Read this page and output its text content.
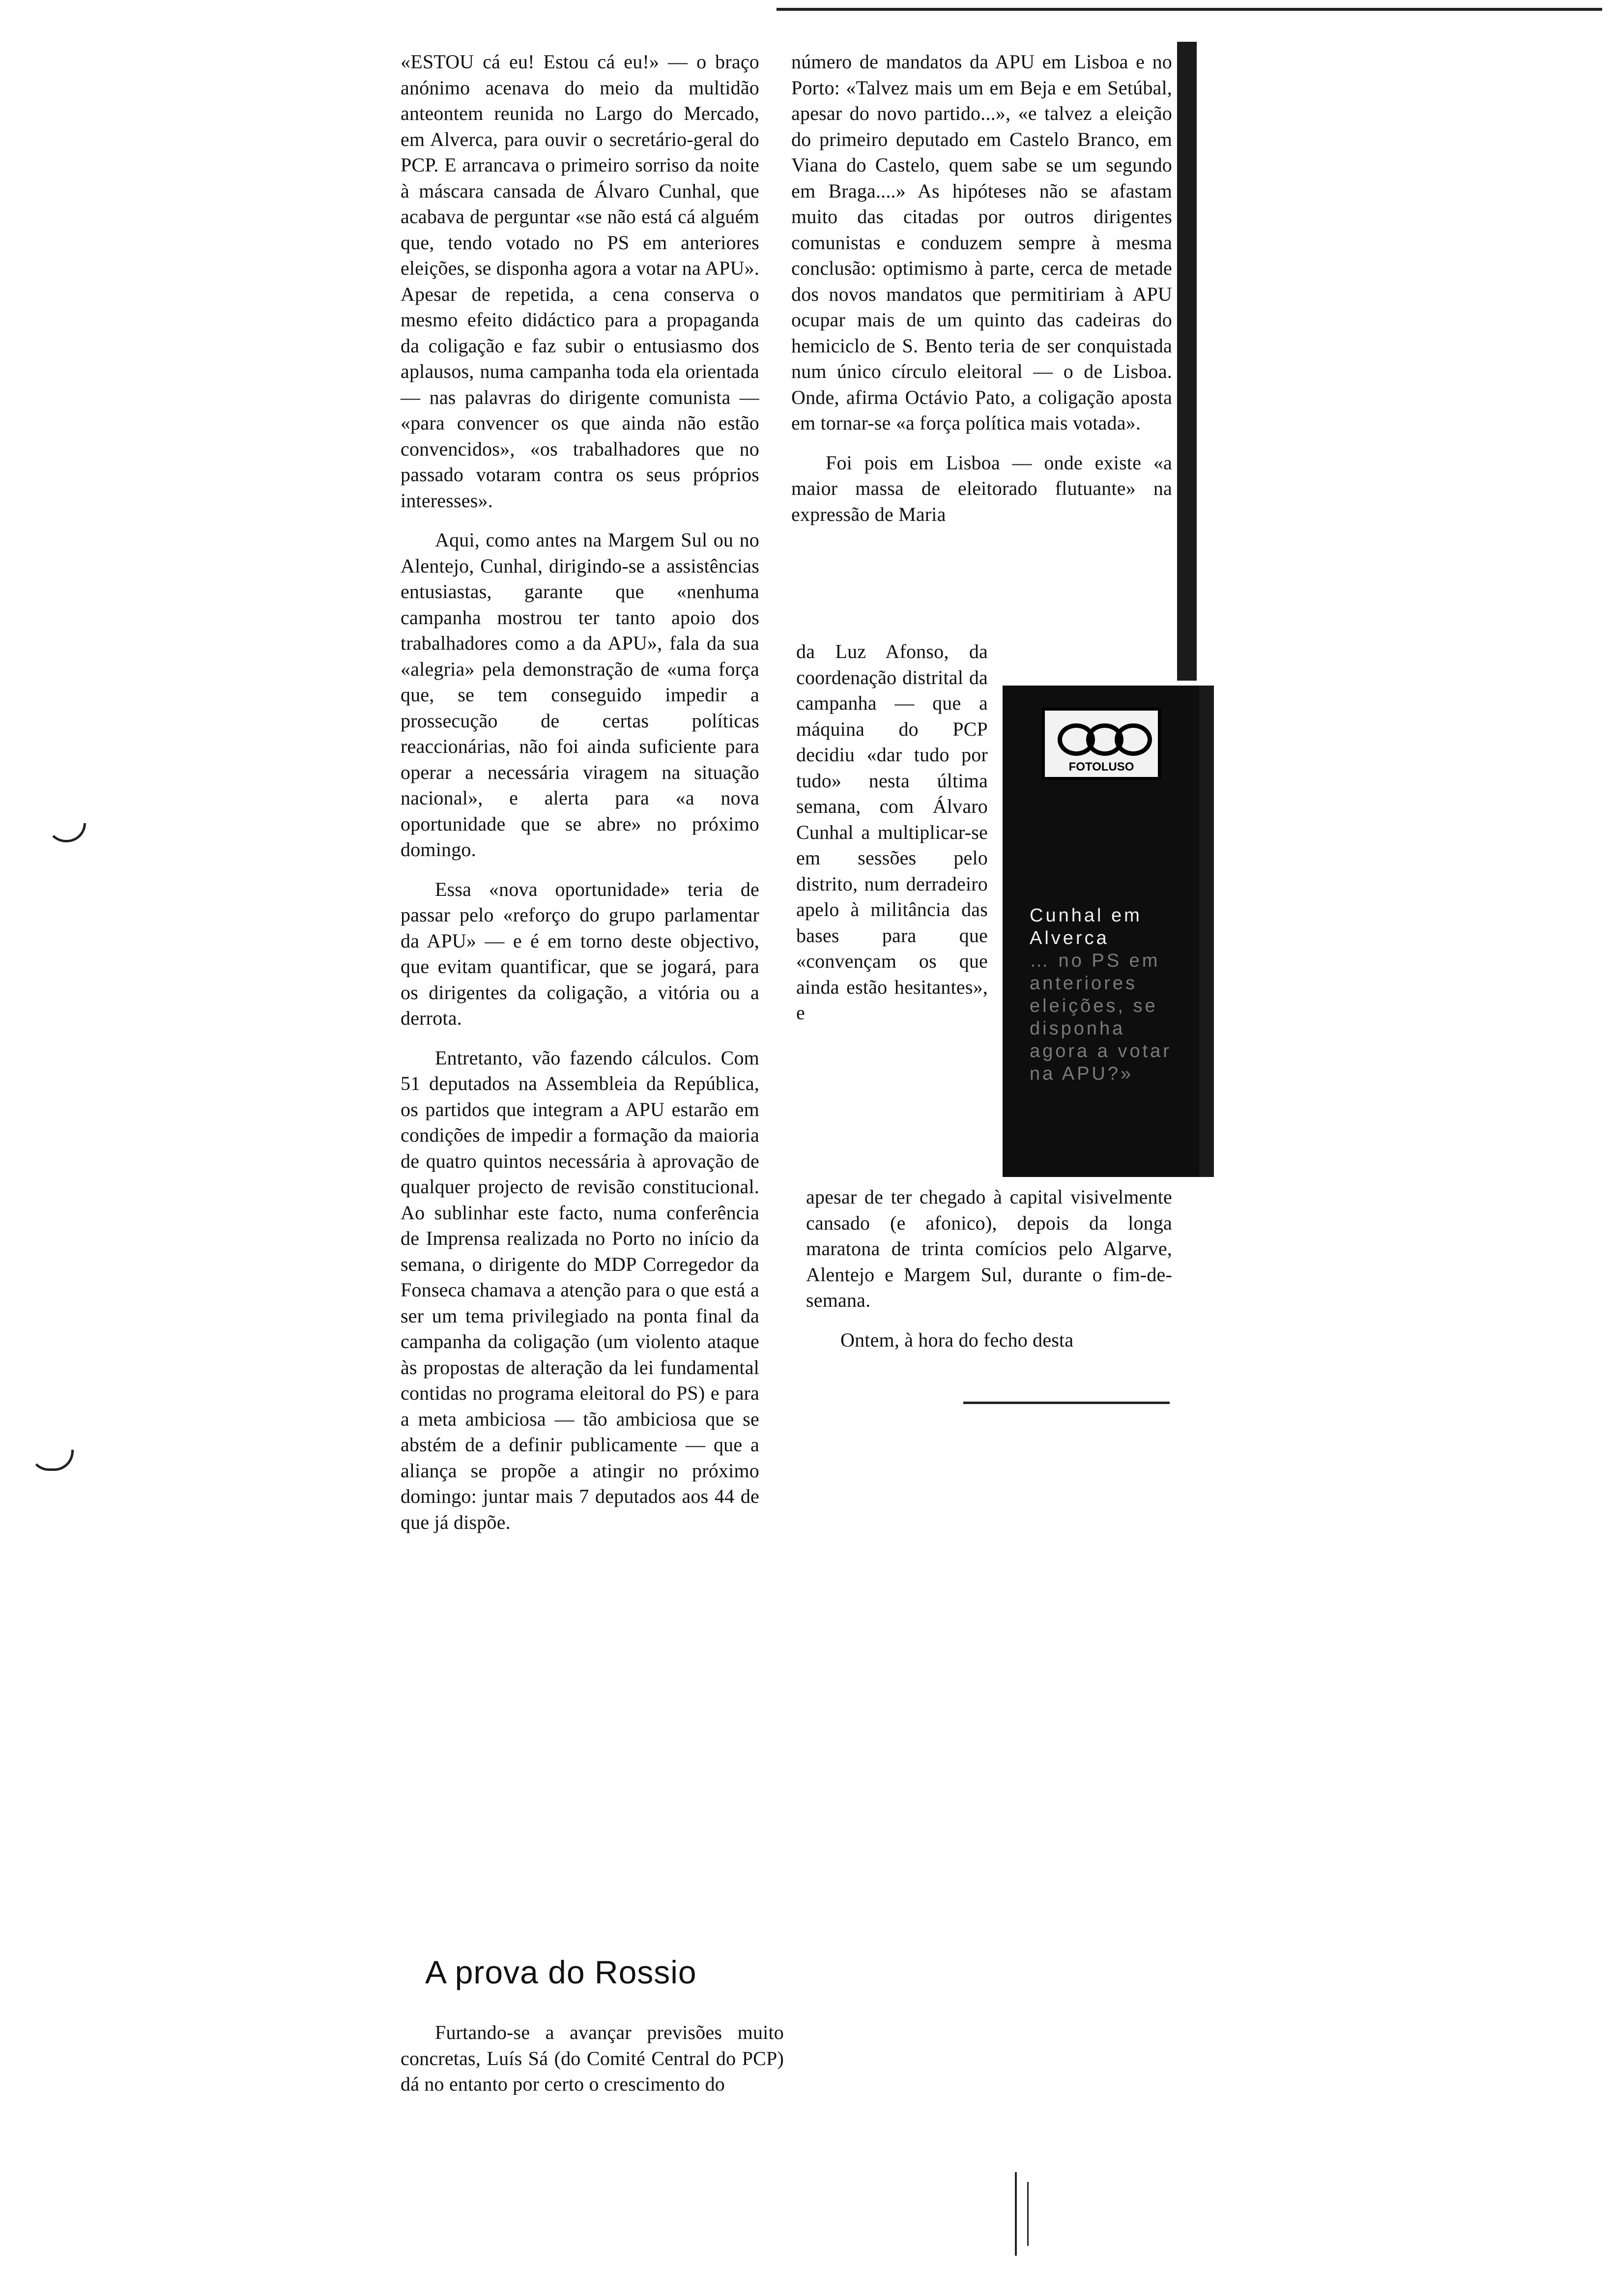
«ESTOU cá eu! Estou cá eu!» — o braço anónimo acenava do meio da multidão anteontem reunida no Largo do Mercado, em Alverca, para ouvir o secretário-geral do PCP. E arrancava o primeiro sorriso da noite à máscara cansada de Álvaro Cunhal, que acabava de perguntar «se não está cá alguém que, tendo votado no PS em anteriores eleições, se disponha agora a votar na APU». Apesar de repetida, a cena conserva o mesmo efeito didáctico para a propaganda da coligação e faz subir o entusiasmo dos aplausos, numa campanha toda ela orientada — nas palavras do dirigente comunista — «para convencer os que ainda não estão convencidos», «os trabalhadores que no passado votaram contra os seus próprios interesses».

Aqui, como antes na Margem Sul ou no Alentejo, Cunhal, dirigindo-se a assistências entusiastas, garante que «nenhuma campanha mostrou ter tanto apoio dos trabalhadores como a da APU», fala da sua «alegria» pela demonstração de «uma força que, se tem conseguido impedir a prossecução de certas políticas reaccionárias, não foi ainda suficiente para operar a necessária viragem na situação nacional», e alerta para «a nova oportunidade que se abre» no próximo domingo.

Essa «nova oportunidade» teria de passar pelo «reforço do grupo parlamentar da APU» — e é em torno deste objectivo, que evitam quantificar, que se jogará, para os dirigentes da coligação, a vitória ou a derrota.

Entretanto, vão fazendo cálculos. Com 51 deputados na Assembleia da República, os partidos que integram a APU estarão em condições de impedir a formação da maioria de quatro quintos necessária à aprovação de qualquer projecto de revisão constitucional. Ao sublinhar este facto, numa conferência de Imprensa realizada no Porto no início da semana, o dirigente do MDP Corregedor da Fonseca chamava a atenção para o que está a ser um tema privilegiado na ponta final da campanha da coligação (um violento ataque às propostas de alteração da lei fundamental contidas no programa eleitoral do PS) e para a meta ambiciosa — tão ambiciosa que se abstém de a definir publicamente — que a aliança se propõe a atingir no próximo domingo: juntar mais 7 deputados aos 44 de que já dispõe.

A prova do Rossio

Furtando-se a avançar previsões muito concretas, Luís Sá (do Comité Central do PCP) dá no entanto por certo o crescimento do

número de mandatos da APU em Lisboa e no Porto: «Talvez mais um em Beja e em Setúbal, apesar do novo partido...», «e talvez a eleição do primeiro deputado em Castelo Branco, em Viana do Castelo, quem sabe se um segundo em Braga....» As hipóteses não se afastam muito das citadas por outros dirigentes comunistas e conduzem sempre à mesma conclusão: optimismo à parte, cerca de metade dos novos mandatos que permitiriam à APU ocupar mais de um quinto das cadeiras do hemiciclo de S. Bento teria de ser conquistada num único círculo eleitoral — o de Lisboa. Onde, afirma Octávio Pato, a coligação aposta em tornar-se «a força política mais votada».

Foi pois em Lisboa — onde existe «a maior massa de eleitorado flutuante» na expressão de Maria

da Luz Afonso, da coordenação distrital da campanha — que a máquina do PCP decidiu «dar tudo por tudo» nesta última semana, com Álvaro Cunhal a multiplicar-se em sessões pelo distrito, num derradeiro apelo à militância das bases para que «convençam os que ainda estão hesitantes», e

apesar de ter chegado à capital visivelmente cansado (e afonico), depois da longa maratona de trinta comícios pelo Algarve, Alentejo e Margem Sul, durante o fim-de-semana.

Ontem, à hora do fecho desta

FOTOLUSO

Cunhal em
Alverca
… no PS em anteriores eleições, se disponha agora a votar na APU?»
